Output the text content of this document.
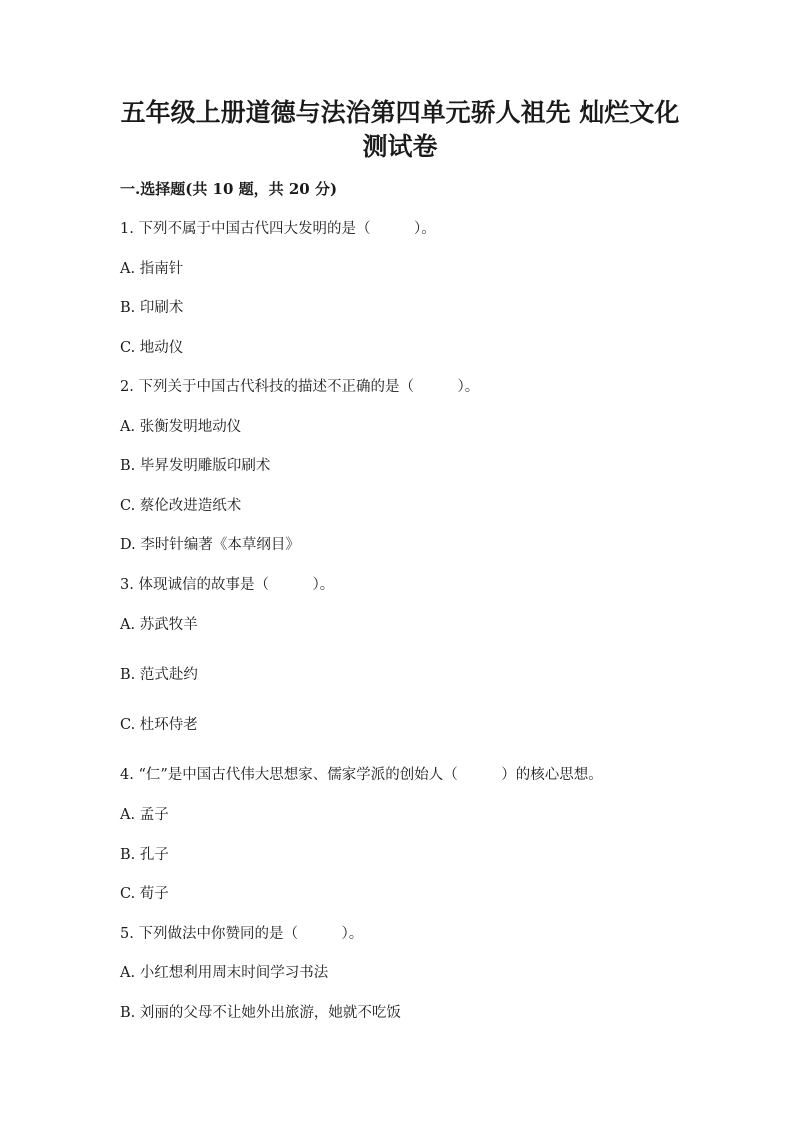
五年级上册道德与法治第四单元骄人祖先 灿烂文化
测试卷
一.选择题(共 10 题，共 20 分)

1. 下列不属于中国古代四大发明的是（　　　）。

A. 指南针

B. 印刷术

C. 地动仪

2. 下列关于中国古代科技的描述不正确的是（　　　）。

A. 张衡发明地动仪

B. 毕昇发明雕版印刷术

C. 蔡伦改进造纸术

D. 李时针编著《本草纲目》

3. 体现诚信的故事是（　　　）。

A. 苏武牧羊

B. 范式赴约

C. 杜环侍老

4. “仁”是中国古代伟大思想家、儒家学派的创始人（　　　）的核心思想。

A. 孟子

B. 孔子

C. 荀子

5. 下列做法中你赞同的是（　　　）。

A. 小红想利用周末时间学习书法

B. 刘丽的父母不让她外出旅游，她就不吃饭
